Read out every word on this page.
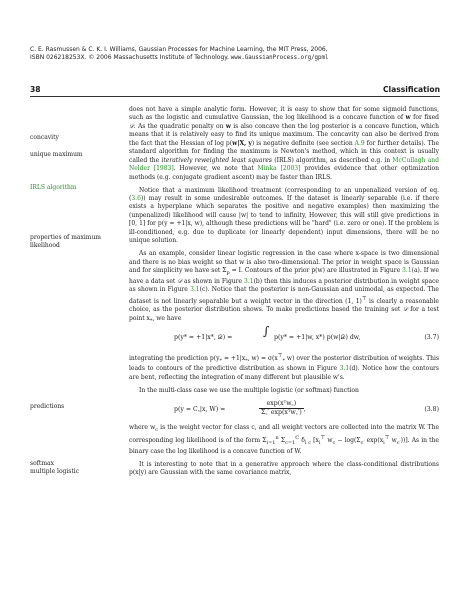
C. E. Rasmussen & C. K. I. Williams, Gaussian Processes for Machine Learning, the MIT Press, 2006,
ISBN 026218253X. © 2006 Massachusetts Institute of Technology. www.GaussianProcess.org/gpml
38	Classification
concavity
unique maximum
IRLS algorithm
properties of maximum likelihood
predictions
softmax
multiple logistic

does not have a simple analytic form. However, it is easy to show that for some sigmoid functions, such as the logistic and cumulative Gaussian, the log likelihood is a concave function of w for fixed 𝒟. As the quadratic penalty on w is also concave then the log posterior is a concave function, which means that it is relatively easy to find its unique maximum. The concavity can also be derived from the fact that the Hessian of log p(w|X, y) is negative definite (see section A.9 for further details). The standard algorithm for finding the maximum is Newton's method, which in this context is usually called the iteratively reweighted least squares (IRLS) algorithm, as described e.g. in McCullagh and Nelder [1983]. However, we note that Minka [2003] provides evidence that other optimization methods (e.g. conjugate gradient ascent) may be faster than IRLS.

Notice that a maximum likelihood treatment (corresponding to an unpenalized version of eq. (3.6)) may result in some undesirable outcomes. If the dataset is linearly separable (i.e. if there exists a hyperplane which separates the positive and negative examples) then maximizing the (unpenalized) likelihood will cause |w| to tend to infinity, However, this will still give predictions in [0, 1] for p(y = +1|x, w), although these predictions will be "hard" (i.e. zero or one). If the problem is ill-conditioned, e.g. due to duplicate (or linearly dependent) input dimensions, there will be no unique solution.

As an example, consider linear logistic regression in the case where x-space is two dimensional and there is no bias weight so that w is also two-dimensional. The prior in weight space is Gaussian and for simplicity we have set $\Sigma_p = I$. Contours of the prior p(w) are illustrated in Figure 3.1(a). If we have a data set 𝒟 as shown in Figure 3.1(b) then this induces a posterior distribution in weight space as shown in Figure 3.1(c). Notice that the posterior is non-Gaussian and unimodal, as expected. The dataset is not linearly separable but a weight vector in the direction (1, 1)⊤ is clearly a reasonable choice, as the posterior distribution shows. To make predictions based the training set 𝒟 for a test point $x_*$, we have

p(y* = +1|x*, 𝒟) =	∫ p(y* = +1|w, x*) p(w|𝒟) dw,	(3.7)

integrating the prediction $p(y_* = +1|x_*$, $w) = \sigma(x^⊤_*$ w) over the posterior distribution of weights. This leads to contours of the predictive distribution as shown in Figure 3.1(d). Notice how the contours are bent, reflecting the integration of many different but plausible w's.

In the multi-class case we use the multiple logistic (or softmax) function

p(y = C꜀|x, W) =
exp(xᵀw꜀)
Σ꜀′ exp(xᵀw꜀′)
,	(3.8)

where $w_c$ is the weight vector for class c, and all weight vectors are collected into the matrix W. The corresponding log likelihood is of the form $\Sigma_{i=1}^n$ $\Sigma_{c=1}^C$ $\delta_{i c}$ [$x_i^⊤$ $w_c - \log(\Sigma_{c'}$ $\exp(x_i^⊤$ $w_{c'}$))]. As in the binary case the log likelihood is a concave function of W.

It is interesting to note that in a generative approach where the class-conditional distributions p(x|y) are Gaussian with the same covariance matrix,
